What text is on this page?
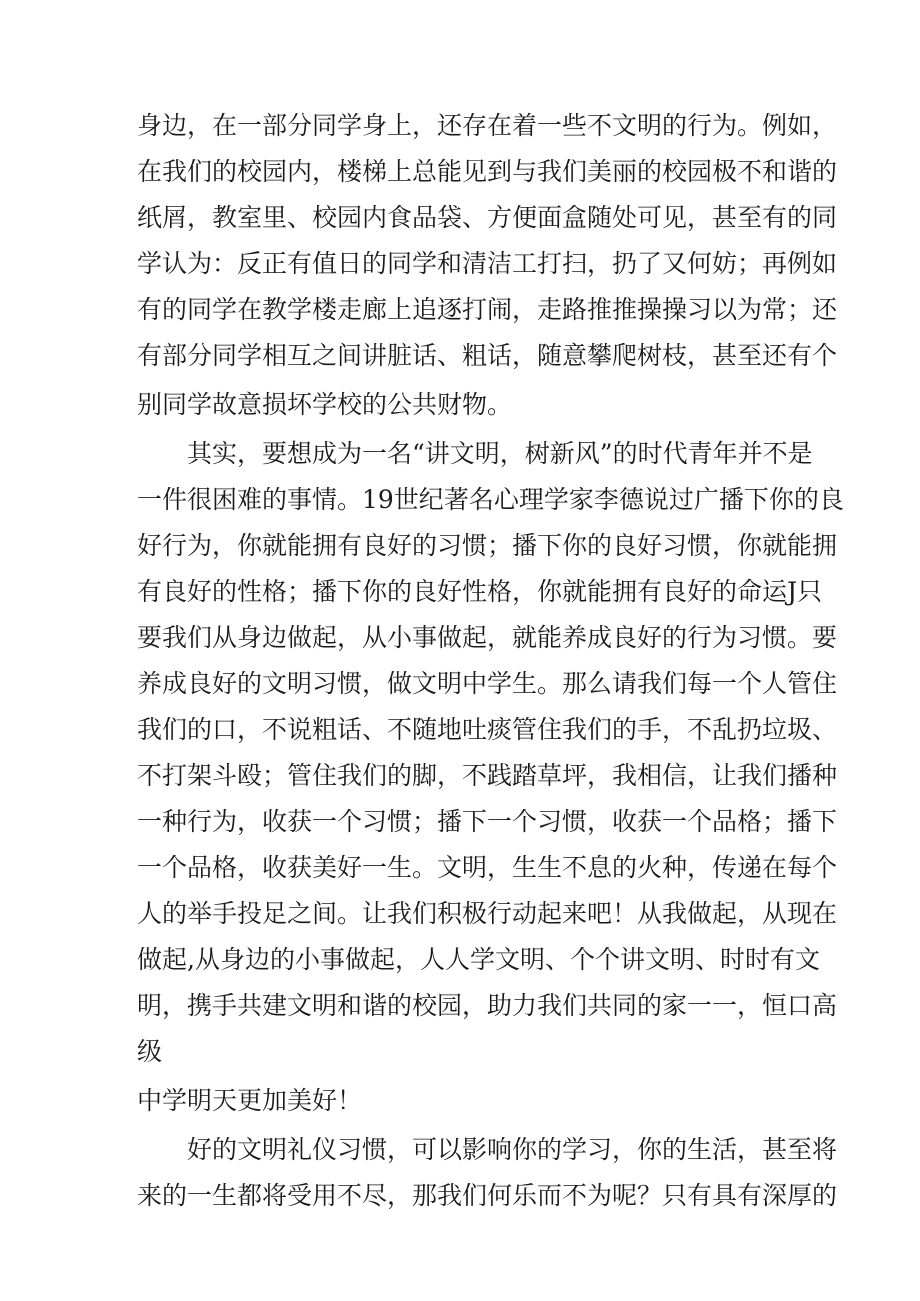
身边，在一部分同学身上，还存在着一些不文明的行为。例如，
在我们的校园内，楼梯上总能见到与我们美丽的校园极不和谐的
纸屑，教室里、校园内食品袋、方便面盒随处可见，甚至有的同
学认为：反正有值日的同学和清洁工打扫，扔了又何妨；再例如
有的同学在教学楼走廊上追逐打闹，走路推推操操习以为常；还
有部分同学相互之间讲脏话、粗话，随意攀爬树枝，甚至还有个
别同学故意损坏学校的公共财物。
其实，要想成为一名“讲文明，树新风”的时代青年并不是
一件很困难的事情。19世纪著名心理学家李德说过广播下你的良
好行为，你就能拥有良好的习惯；播下你的良好习惯，你就能拥
有良好的性格；播下你的良好性格，你就能拥有良好的命运J只
要我们从身边做起，从小事做起，就能养成良好的行为习惯。要
养成良好的文明习惯，做文明中学生。那么请我们每一个人管住
我们的口，不说粗话、不随地吐痰管住我们的手，不乱扔垃圾、
不打架斗殴；管住我们的脚，不践踏草坪，我相信，让我们播种
一种行为，收获一个习惯；播下一个习惯，收获一个品格；播下
一个品格，收获美好一生。文明，生生不息的火种，传递在每个
人的举手投足之间。让我们积极行动起来吧！从我做起，从现在
做起,从身边的小事做起，人人学文明、个个讲文明、时时有文
明，携手共建文明和谐的校园，助力我们共同的家一一，恒口高
级
中学明天更加美好！
好的文明礼仪习惯，可以影响你的学习，你的生活，甚至将
来的一生都将受用不尽，那我们何乐而不为呢？只有具有深厚的
